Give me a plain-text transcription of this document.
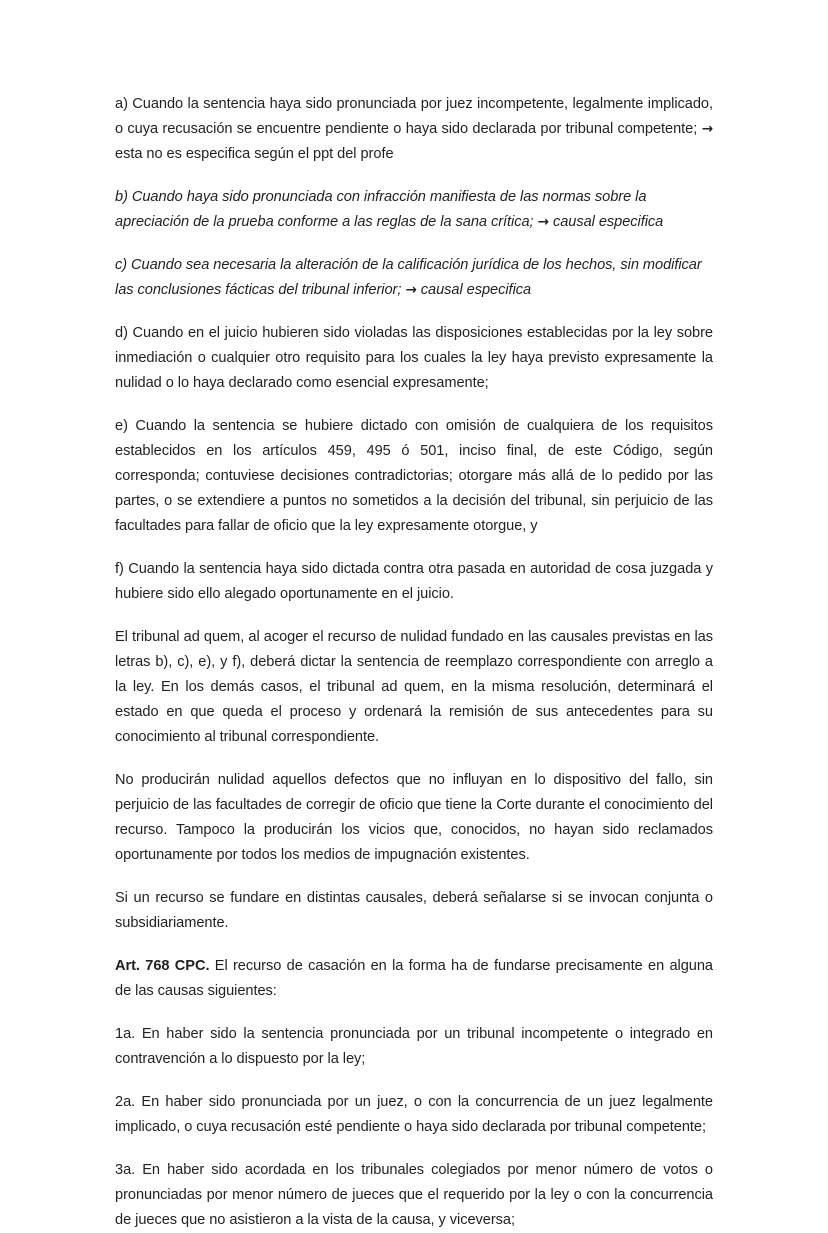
a) Cuando la sentencia haya sido pronunciada por juez incompetente, legalmente implicado, o cuya recusación se encuentre pendiente o haya sido declarada por tribunal competente; → esta no es especifica según el ppt del profe

b) Cuando haya sido pronunciada con infracción manifiesta de las normas sobre la apreciación de la prueba conforme a las reglas de la sana crítica; → causal especifica

c) Cuando sea necesaria la alteración de la calificación jurídica de los hechos, sin modificar las conclusiones fácticas del tribunal inferior; → causal especifica

d) Cuando en el juicio hubieren sido violadas las disposiciones establecidas por la ley sobre inmediación o cualquier otro requisito para los cuales la ley haya previsto expresamente la nulidad o lo haya declarado como esencial expresamente;

e) Cuando la sentencia se hubiere dictado con omisión de cualquiera de los requisitos establecidos en los artículos 459, 495 ó 501, inciso final, de este Código, según corresponda; contuviese decisiones contradictorias; otorgare más allá de lo pedido por las partes, o se extendiere a puntos no sometidos a la decisión del tribunal, sin perjuicio de las facultades para fallar de oficio que la ley expresamente otorgue, y

f) Cuando la sentencia haya sido dictada contra otra pasada en autoridad de cosa juzgada y hubiere sido ello alegado oportunamente en el juicio.

El tribunal ad quem, al acoger el recurso de nulidad fundado en las causales previstas en las letras b), c), e), y f), deberá dictar la sentencia de reemplazo correspondiente con arreglo a la ley. En los demás casos, el tribunal ad quem, en la misma resolución, determinará el estado en que queda el proceso y ordenará la remisión de sus antecedentes para su conocimiento al tribunal correspondiente.

No producirán nulidad aquellos defectos que no influyan en lo dispositivo del fallo, sin perjuicio de las facultades de corregir de oficio que tiene la Corte durante el conocimiento del recurso. Tampoco la producirán los vicios que, conocidos, no hayan sido reclamados oportunamente por todos los medios de impugnación existentes.

Si un recurso se fundare en distintas causales, deberá señalarse si se invocan conjunta o subsidiariamente.

Art. 768 CPC. El recurso de casación en la forma ha de fundarse precisamente en alguna de las causas siguientes:

1a. En haber sido la sentencia pronunciada por un tribunal incompetente o integrado en contravención a lo dispuesto por la ley;

2a. En haber sido pronunciada por un juez, o con la concurrencia de un juez legalmente implicado, o cuya recusación esté pendiente o haya sido declarada por tribunal competente;

3a. En haber sido acordada en los tribunales colegiados por menor número de votos o pronunciadas por menor número de jueces que el requerido por la ley o con la concurrencia de jueces que no asistieron a la vista de la causa, y viceversa;
